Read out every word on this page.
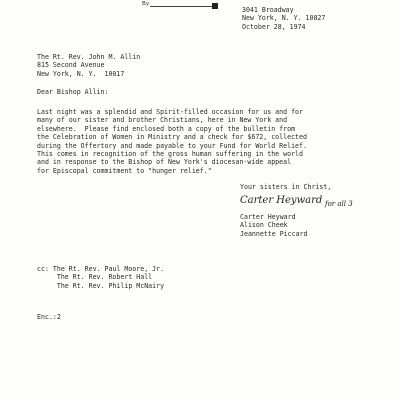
By
3041 Broadway
New York, N. Y. 10027
October 28, 1974
The Rt. Rev. John M. Allin
815 Second Avenue
New York, N. Y.  10017
Dear Bishop Allin:
Last night was a splendid and Spirit-filled occasion for us and for
many of our sister and brother Christians, here in New York and
elsewhere.  Please find enclosed both a copy of the bulletin from
the Celebration of Women in Ministry and a check for $672, collected
during the Offertory and made payable to your Fund for World Relief.
This comes in recognition of the gross human suffering in the world
and in response to the Bishop of New York's diocesan-wide appeal
for Episcopal commitment to "hunger relief."
Your sisters in Christ,
Carter Heyward for all 3
Carter Heyward
Alison Cheek
Jeannette Piccard
cc: The Rt. Rev. Paul Moore, Jr.
The Rt. Rev. Robert Hall
The Rt. Rev. Philip McNairy
Enc.:2
